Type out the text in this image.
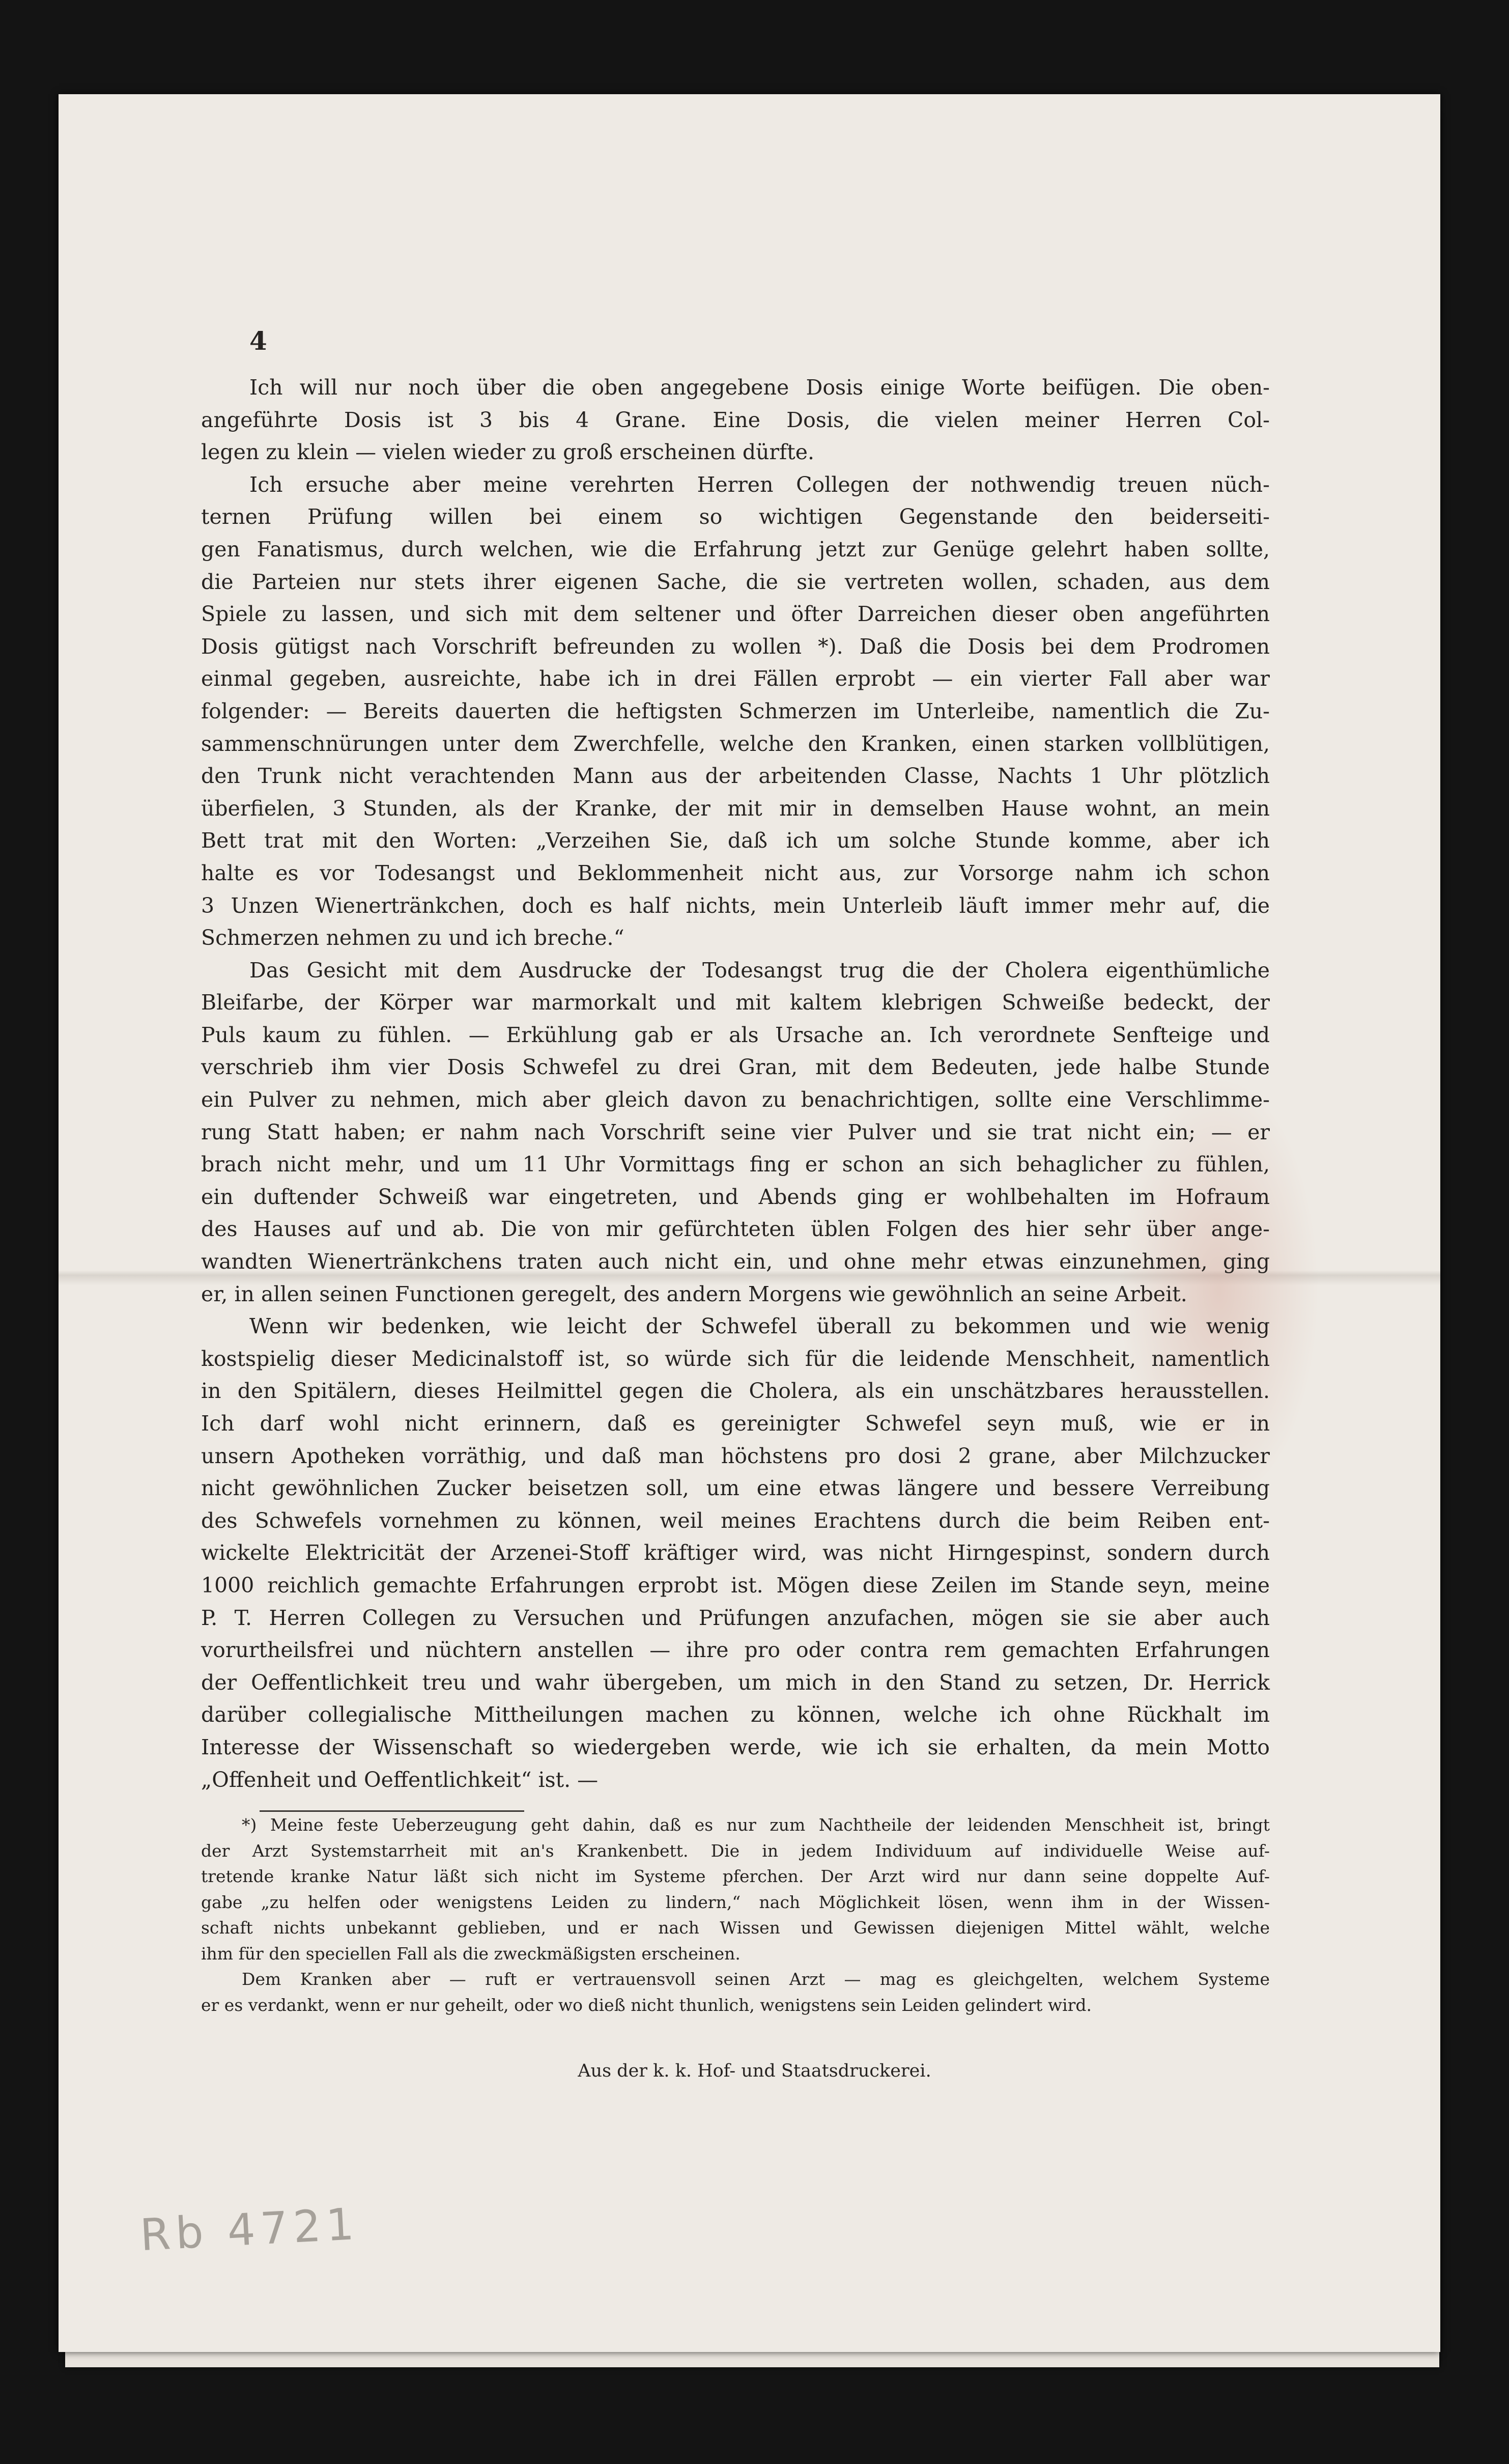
4
Ich will nur noch über die oben angegebene Dosis einige Worte beifügen. Die oben-
angeführte Dosis ist 3 bis 4 Grane. Eine Dosis, die vielen meiner Herren Col-
legen zu klein — vielen wieder zu groß erscheinen dürfte.
Ich ersuche aber meine verehrten Herren Collegen der nothwendig treuen nüch-
ternen Prüfung willen bei einem so wichtigen Gegenstande den beiderseiti-
gen Fanatismus, durch welchen, wie die Erfahrung jetzt zur Genüge gelehrt haben sollte,
die Parteien nur stets ihrer eigenen Sache, die sie vertreten wollen, schaden, aus dem
Spiele zu lassen, und sich mit dem seltener und öfter Darreichen dieser oben angeführten
Dosis gütigst nach Vorschrift befreunden zu wollen *). Daß die Dosis bei dem Prodromen
einmal gegeben, ausreichte, habe ich in drei Fällen erprobt — ein vierter Fall aber war
folgender: — Bereits dauerten die heftigsten Schmerzen im Unterleibe, namentlich die Zu-
sammenschnürungen unter dem Zwerchfelle, welche den Kranken, einen starken vollblütigen,
den Trunk nicht verachtenden Mann aus der arbeitenden Classe, Nachts 1 Uhr plötzlich
überfielen, 3 Stunden, als der Kranke, der mit mir in demselben Hause wohnt, an mein
Bett trat mit den Worten: „Verzeihen Sie, daß ich um solche Stunde komme, aber ich
halte es vor Todesangst und Beklommenheit nicht aus, zur Vorsorge nahm ich schon
3 Unzen Wienertränkchen, doch es half nichts, mein Unterleib läuft immer mehr auf, die
Schmerzen nehmen zu und ich breche.“
Das Gesicht mit dem Ausdrucke der Todesangst trug die der Cholera eigenthümliche
Bleifarbe, der Körper war marmorkalt und mit kaltem klebrigen Schweiße bedeckt, der
Puls kaum zu fühlen. — Erkühlung gab er als Ursache an. Ich verordnete Senfteige und
verschrieb ihm vier Dosis Schwefel zu drei Gran, mit dem Bedeuten, jede halbe Stunde
ein Pulver zu nehmen, mich aber gleich davon zu benachrichtigen, sollte eine Verschlimme-
rung Statt haben; er nahm nach Vorschrift seine vier Pulver und sie trat nicht ein; — er
brach nicht mehr, und um 11 Uhr Vormittags fing er schon an sich behaglicher zu fühlen,
ein duftender Schweiß war eingetreten, und Abends ging er wohlbehalten im Hofraum
des Hauses auf und ab. Die von mir gefürchteten üblen Folgen des hier sehr über ange-
wandten Wienertränkchens traten auch nicht ein, und ohne mehr etwas einzunehmen, ging
er, in allen seinen Functionen geregelt, des andern Morgens wie gewöhnlich an seine Arbeit.
Wenn wir bedenken, wie leicht der Schwefel überall zu bekommen und wie wenig
kostspielig dieser Medicinalstoff ist, so würde sich für die leidende Menschheit, namentlich
in den Spitälern, dieses Heilmittel gegen die Cholera, als ein unschätzbares herausstellen.
Ich darf wohl nicht erinnern, daß es gereinigter Schwefel seyn muß, wie er in
unsern Apotheken vorräthig, und daß man höchstens pro dosi 2 grane, aber Milchzucker
nicht gewöhnlichen Zucker beisetzen soll, um eine etwas längere und bessere Verreibung
des Schwefels vornehmen zu können, weil meines Erachtens durch die beim Reiben ent-
wickelte Elektricität der Arzenei-Stoff kräftiger wird, was nicht Hirngespinst, sondern durch
1000 reichlich gemachte Erfahrungen erprobt ist. Mögen diese Zeilen im Stande seyn, meine
P. T. Herren Collegen zu Versuchen und Prüfungen anzufachen, mögen sie sie aber auch
vorurtheilsfrei und nüchtern anstellen — ihre pro oder contra rem gemachten Erfahrungen
der Oeffentlichkeit treu und wahr übergeben, um mich in den Stand zu setzen, Dr. Herrick
darüber collegialische Mittheilungen machen zu können, welche ich ohne Rückhalt im
Interesse der Wissenschaft so wiedergeben werde, wie ich sie erhalten, da mein Motto
„Offenheit und Oeffentlichkeit“ ist. —
*) Meine feste Ueberzeugung geht dahin, daß es nur zum Nachtheile der leidenden Menschheit ist, bringt
der Arzt Systemstarrheit mit an's Krankenbett. Die in jedem Individuum auf individuelle Weise auf-
tretende kranke Natur läßt sich nicht im Systeme pferchen. Der Arzt wird nur dann seine doppelte Auf-
gabe „zu helfen oder wenigstens Leiden zu lindern,“ nach Möglichkeit lösen, wenn ihm in der Wissen-
schaft nichts unbekannt geblieben, und er nach Wissen und Gewissen diejenigen Mittel wählt, welche
ihm für den speciellen Fall als die zweckmäßigsten erscheinen.
Dem Kranken aber — ruft er vertrauensvoll seinen Arzt — mag es gleichgelten, welchem Systeme
er es verdankt, wenn er nur geheilt, oder wo dieß nicht thunlich, wenigstens sein Leiden gelindert wird.
Aus der k. k. Hof- und Staatsdruckerei.
Rb 4721
